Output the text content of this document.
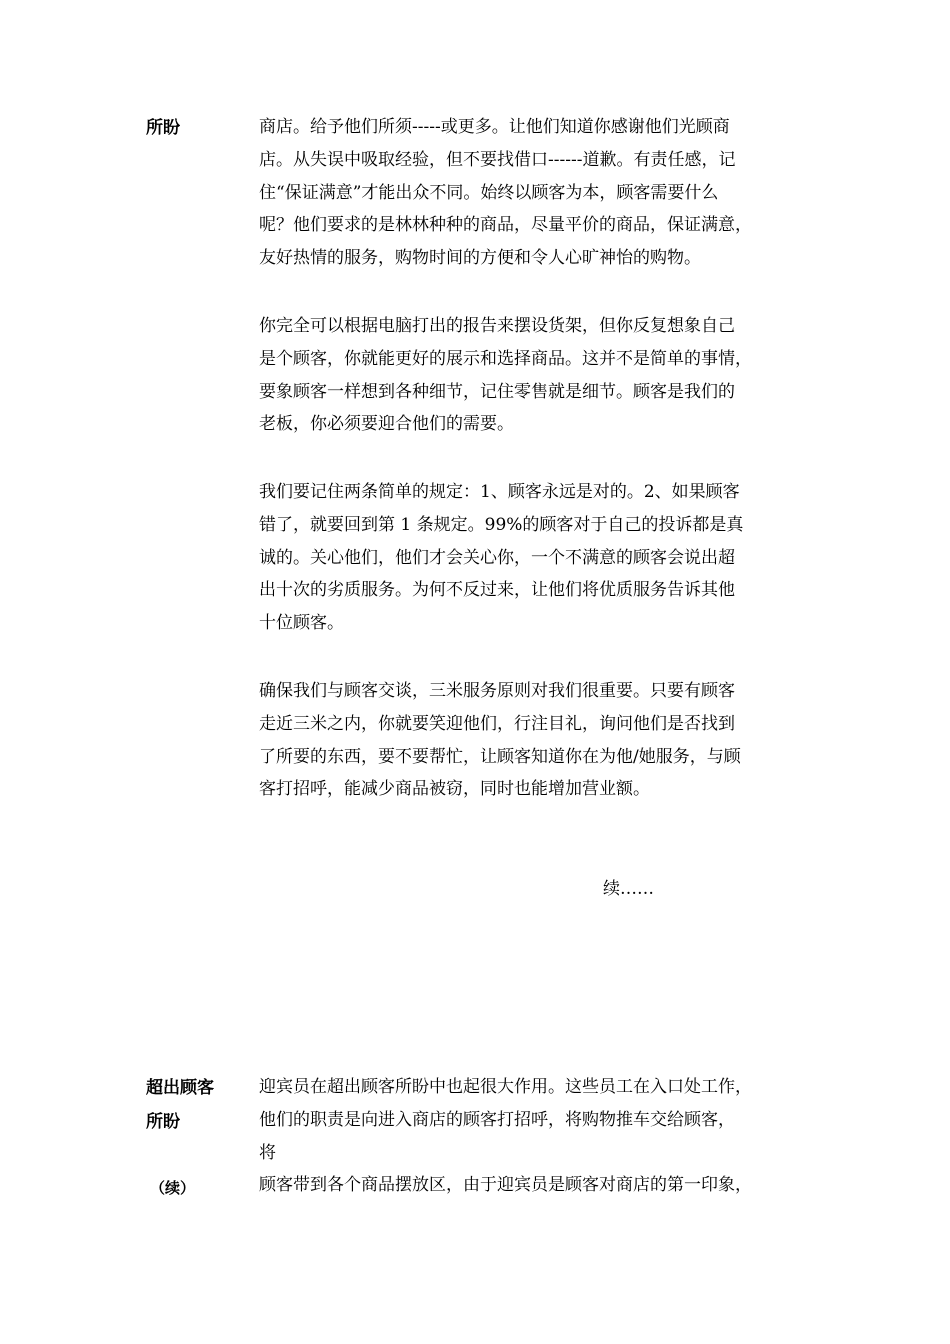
所盼	商店。给予他们所须-----或更多。让他们知道你感谢他们光顾商
店。从失误中吸取经验，但不要找借口------道歉。有责任感，记
住“保证满意”才能出众不同。始终以顾客为本，顾客需要什么
呢？他们要求的是林林种种的商品，尽量平价的商品，保证满意，
友好热情的服务，购物时间的方便和令人心旷神怡的购物。
你完全可以根据电脑打出的报告来摆设货架，但你反复想象自己
是个顾客，你就能更好的展示和选择商品。这并不是简单的事情，
要象顾客一样想到各种细节，记住零售就是细节。顾客是我们的
老板，你必须要迎合他们的需要。
我们要记住两条简单的规定：1、顾客永远是对的。2、如果顾客
错了，就要回到第 1 条规定。99%的顾客对于自己的投诉都是真
诚的。关心他们，他们才会关心你，一个不满意的顾客会说出超
出十次的劣质服务。为何不反过来，让他们将优质服务告诉其他
十位顾客。
确保我们与顾客交谈，三米服务原则对我们很重要。只要有顾客
走近三米之内，你就要笑迎他们，行注目礼，询问他们是否找到
了所要的东西，要不要帮忙，让顾客知道你在为他/她服务，与顾
客打招呼，能减少商品被窃，同时也能增加营业额。
续……
超出顾客
所盼
（续）
迎宾员在超出顾客所盼中也起很大作用。这些员工在入口处工作，
他们的职责是向进入商店的顾客打招呼，将购物推车交给顾客，
将
顾客带到各个商品摆放区，由于迎宾员是顾客对商店的第一印象，
